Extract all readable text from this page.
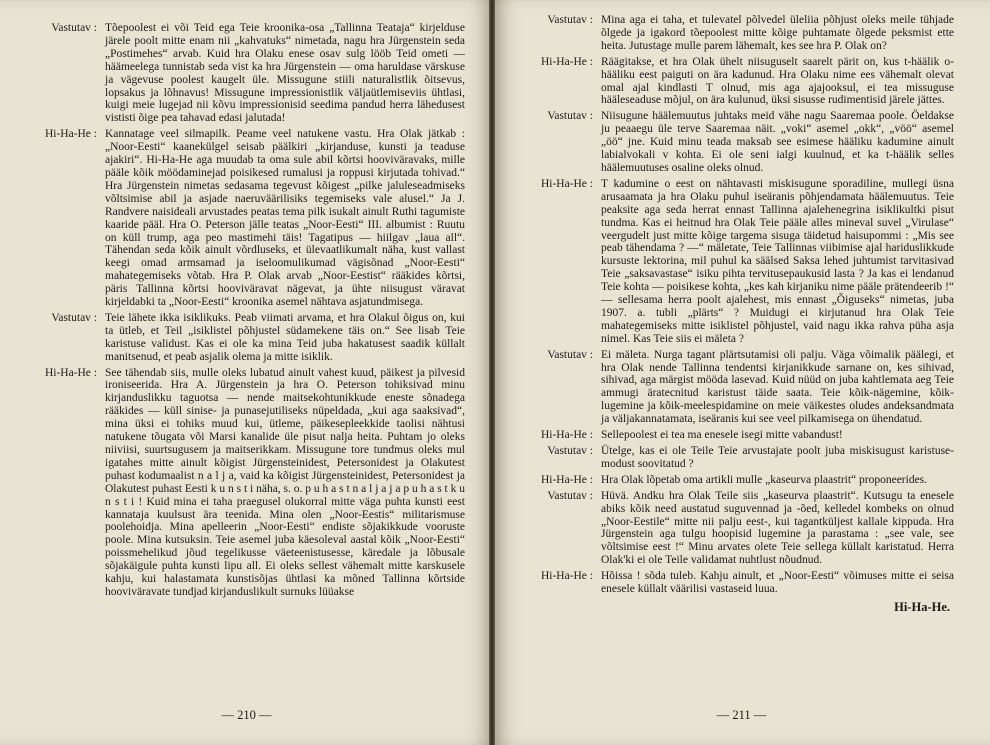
Vastutav : Tõepoolest ei või Teid ega Teie kroonika-osa „Tallinna Teataja“ kirjelduse järele poolt mitte enam nii „kahvatuks“ nimetada, nagu hra Jürgenstein seda „Postimehes“ arvab. Kuid hra Olaku enese osav sulg lööb Teid ometi — häämeelega tunnistab seda vist ka hra Jürgenstein — oma haruldase värskuse ja vägevuse poolest kaugelt üle. Missugune stiili naturalistlik õitsevus, lopsakus ja lõhnavus! Missugune impressionistlik väljaütlemiseviis ühtlasi, kuigi meie lugejad nii kõvu impressionisid seedima pandud herra lähedusest vististi õige pea tahavad edasi jalutada!
Hi-Ha-He : Kannatage veel silmapilk. Peame veel natukene vastu. Hra Olak jätkab : „Noor-Eesti“ kaanekülgel seisab päälkiri „kirjanduse, kunsti ja teaduse ajakiri“. Hi-Ha-He aga muudab ta oma sule abil kõrtsi hooviväravaks, mille pääle kõik möödaminejad poisikesed rumalusi ja roppusi kirjutada tohivad.“ Hra Jürgenstein nimetas sedasama tegevust kõigest „pilke jaluleseadmiseks võltsimise abil ja asjade naeruväärilisiks tegemiseks vale alusel.“ Ja J. Randvere naisideali arvustades peatas tema pilk isukalt ainult Ruthi tagumiste kaaride pääl. Hra O. Peterson jälle teatas „Noor-Eesti“ III. albumist : Ruutu on küll trump, aga peo mastimehi täis! Tagatipus — hiilgav „laua all“. Tähendan seda kõik ainult võrdluseks, et ülevaatlikumalt näha, kust vallast keegi omad armsamad ja iseloomulikumad vägisõnad „Noor-Eesti“ mahategemiseks võtab. Hra P. Olak arvab „Noor-Eestist“ rääkides kõrtsi, päris Tallinna kõrtsi hooviväravat nägevat, ja ühte niisugust väravat kirjeldabki ta „Noor-Eesti“ kroonika asemel nähtava asjatundmisega.
Vastutav : Teie lähete ikka isiklikuks. Peab viimati arvama, et hra Olakul õigus on, kui ta ütleb, et Teil „isiklistel põhjustel südamekene täis on.“ See lisab Teie karistuse validust. Kas ei ole ka mina Teid juba hakatusest saadik küllalt manitsenud, et peab asjalik olema ja mitte isiklik.
Hi-Ha-He : See tähendab siis, mulle oleks lubatud ainult vahest kuud, päikest ja pilvesid ironiseerida. Hra A. Jürgenstein ja hra O. Peterson tohiksivad minu kirjanduslikku taguotsa — nende maitsekohtunikkude eneste sõnadega rääkides — küll sinise- ja punasejutiliseks nüpeldada, „kui aga saaksivad“, mina üksi ei tohiks muud kui, ütleme, päikesepleekkide taolisi nähtusi natukene tõugata või Marsi kanalide üle pisut nalja heita. Puhtam jo oleks niiviisi, suurtsugusem ja maitserikkam. Missugune tore tundmus oleks mul igatahes mitte ainult kõigist Jürgensteinidest, Petersonidest ja Olakutest puhast kodumaalist n a l j a, vaid ka kõigist Jürgensteinidest, Petersonidest ja Olakutest puhast Eesti k u n s t i näha, s. o. p u h a s t n a l j a j a p u h a s t k u n s t i ! Kuid mina ei taha praegusel olukorral mitte väga puhta kunsti eest kannataja kuulsust ära teenida. Mina olen „Noor-Eestis“ militarismuse poolehoidja. Mina apelleerin „Noor-Eesti“ endiste sõjakikkude vooruste poole. Mina kutsuksin. Teie asemel juba käesoleval aastal kõik „Noor-Eesti“ poissmehelikud jõud tegelikusse väeteenistusesse, käredale ja lõbusale sõjakäigule puhta kunsti lipu all. Ei oleks sellest vähemalt mitte karskusele kahju, kui halastamata kunstisõjas ühtlasi ka mõned Tallinna kõrtside hooviväravate tundjad kirjanduslikult surnuks lüüakse
— 210 —
Vastutav : Mina aga ei taha, et tulevatel põlvedel üleliia põhjust oleks meile tühjade õlgede ja igakord tõepoolest mitte kõige puhtamate õlgede peksmist ette heita. Jutustage mulle parem lähemalt, kes see hra P. Olak on?
Hi-Ha-He : Räägitakse, et hra Olak ühelt niisuguselt saarelt pärit on, kus t-häälik o-hääliku eest paiguti on ära kadunud. Hra Olaku nime ees vähemalt olevat omal ajal kindlasti T olnud, mis aga ajajooksul, ei tea missuguse hääleseaduse mõjul, on ära kulunud, üksi sisusse rudimentisid järele jättes.
Vastutav : Niisugune häälemuutus juhtaks meid vähe nagu Saaremaa poole. Öeldakse ju peaaegu üle terve Saaremaa näit. „voki“ asemel „okk“, „vöö“ asemel „öö“ jne. Kuid minu teada maksab see esimese hääliku kadumine ainult labialvokali v kohta. Ei ole seni ialgi kuulnud, et ka t-häälik selles häälemuutuses osaline oleks olnud.
Hi-Ha-He : T kadumine o eest on nähtavasti miskisugune sporadiline, mullegi üsna arusaamata ja hra Olaku puhul iseäranis põhjendamata häälemuutus. Teie peaksite aga seda herrat ennast Tallinna ajalehenegrina isiklikultki pisut tundma. Kas ei heitnud hra Olak Teie pääle alles mineval suvel „Virulase“ veergudelt just mitte kõige targema sisuga täidetud haisupommi : „Mis see peab tähendama ? —“ mäletate, Teie Tallinnas viibimise ajal hariduslikkude kursuste lektorina, mil puhul ka säälsed Saksa lehed juhtumist tarvitasivad Teie „saksavastase“ isiku pihta tervitusepaukusid lasta ? Ja kas ei lendanud Teie kohta — poisikese kohta, „kes kah kirjaniku nime pääle prätendeerib !“ — sellesama herra poolt ajalehest, mis ennast „Õiguseks“ nimetas, juba 1907. a. tubli „plärts“ ? Muidugi ei kirjutanud hra Olak Teie mahategemiseks mitte isiklistel põhjustel, vaid nagu ikka rahva püha asja nimel. Kas Teie siis ei mäleta ?
Vastutav : Ei mäleta. Nurga tagant plärtsutamisi oli palju. Väga võimalik päälegi, et hra Olak nende Tallinna tendentsi kirjanikkude sarnane on, kes sihivad, sihivad, aga märgist mööda lasevad. Kuid nüüd on juba kahtlemata aeg Teie ammugi äratecnitud karistust täide saata. Teie kõik-nägemine, kõik-lugemine ja kõik-meelespidamine on meie väikestes oludes andeksandmata ja väljakannatamata, iseäranis kui see veel pilkamisega on ühendatud.
Hi-Ha-He : Sellepoolest ei tea ma enesele isegi mitte vabandust!
Vastutav : Ütelge, kas ei ole Teile Teie arvustajate poolt juba miskisugust karistuse-modust soovitatud ?
Hi-Ha-He : Hra Olak lõpetab oma artikli mulle „kaseurva plaastrit“ proponeerides.
Vastutav : Hüvä. Andku hra Olak Teile siis „kaseurva plaastrit“. Kutsugu ta enesele abiks kõik need austatud suguvennad ja -õed, kelledel kombeks on olnud „Noor-Eestile“ mitte nii palju eest-, kui tagantküljest kallale kippuda. Hra Jürgenstein aga tulgu hoopisid lugemine ja parastama : „see vale, see võltsimise eest !“ Minu arvates olete Teie sellega küllalt karistatud. Herra Olak'ki ei ole Teile validamat nuhtlust nõudnud.
Hi-Ha-He : Hõissa ! sõda tuleb. Kahju ainult, et „Noor-Eesti“ võimuses mitte ei seisa enesele küllalt väärilisi vastaseid luua.
Hi-Ha-He.
— 211 —
